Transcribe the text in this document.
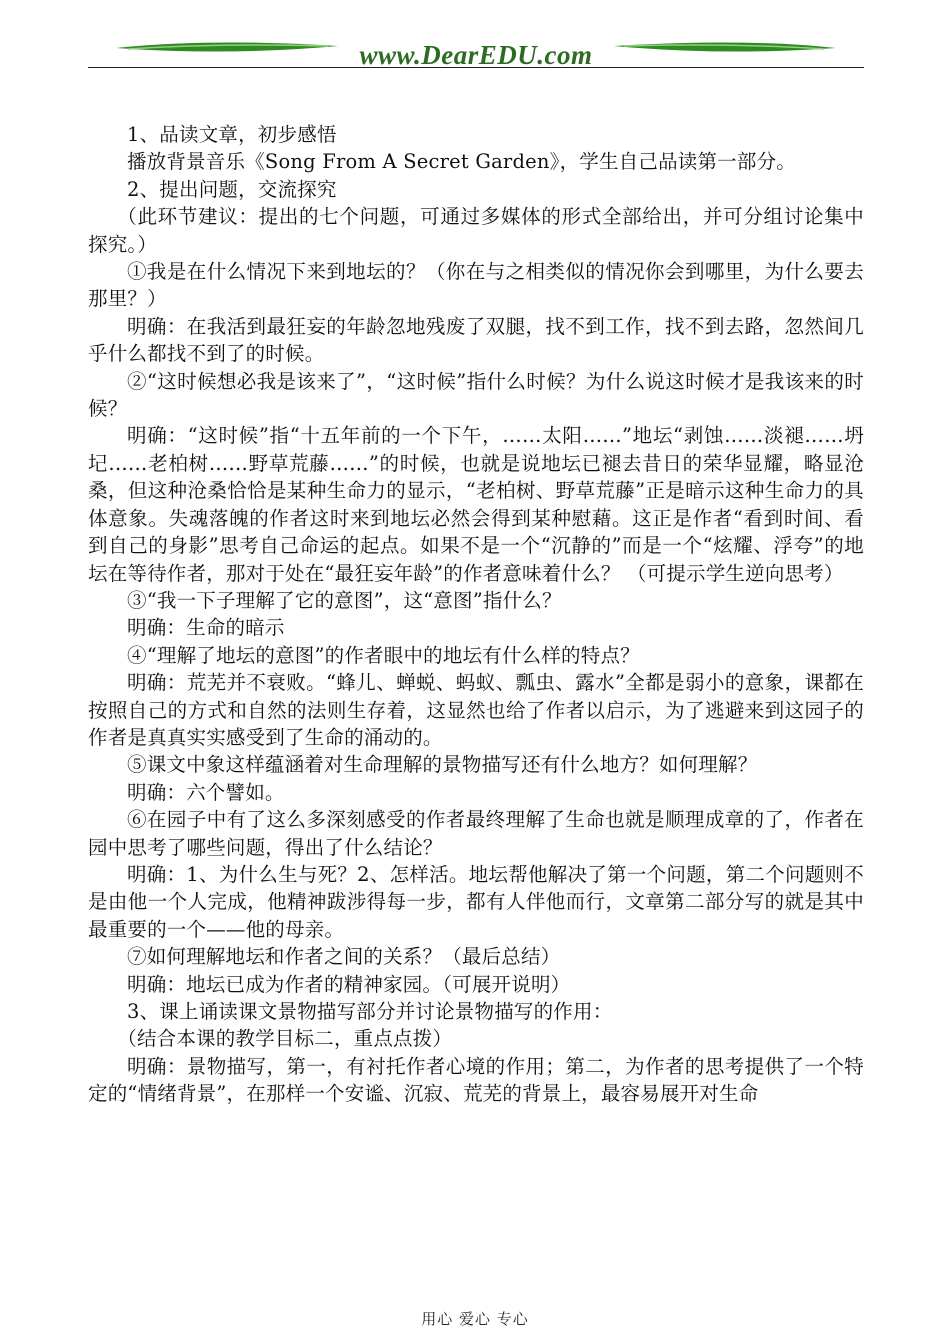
www.DearEDU.com

1、品读文章，初步感悟

播放背景音乐《Song From A Secret Garden》，学生自己品读第一部分。

2、提出问题，交流探究

（此环节建议：提出的七个问题，可通过多媒体的形式全部给出，并可分组讨论集中探究。）

①我是在什么情况下来到地坛的？（你在与之相类似的情况你会到哪里，为什么要去那里？）

明确：在我活到最狂妄的年龄忽地残废了双腿，找不到工作，找不到去路，忽然间几乎什么都找不到了的时候。

②“这时候想必我是该来了”，“这时候”指什么时候？为什么说这时候才是我该来的时候？

明确：“这时候”指“十五年前的一个下午，……太阳……”地坛“剥蚀……淡褪……坍圮……老柏树……野草荒藤……”的时候，也就是说地坛已褪去昔日的荣华显耀，略显沧桑，但这种沧桑恰恰是某种生命力的显示，“老柏树、野草荒藤”正是暗示这种生命力的具体意象。失魂落魄的作者这时来到地坛必然会得到某种慰藉。这正是作者“看到时间、看到自己的身影”思考自己命运的起点。如果不是一个“沉静的”而是一个“炫耀、浮夸”的地坛在等待作者，那对于处在“最狂妄年龄”的作者意味着什么？ （可提示学生逆向思考）

③“我一下子理解了它的意图”，这“意图”指什么？

明确：生命的暗示

④“理解了地坛的意图”的作者眼中的地坛有什么样的特点？

明确：荒芜并不衰败。“蜂儿、蝉蜕、蚂蚁、瓢虫、露水”全都是弱小的意象，课都在按照自己的方式和自然的法则生存着，这显然也给了作者以启示，为了逃避来到这园子的作者是真真实实感受到了生命的涌动的。

⑤课文中象这样蕴涵着对生命理解的景物描写还有什么地方？如何理解？

明确：六个譬如。

⑥在园子中有了这么多深刻感受的作者最终理解了生命也就是顺理成章的了，作者在园中思考了哪些问题，得出了什么结论？

明确：1、为什么生与死？2、怎样活。地坛帮他解决了第一个问题，第二个问题则不是由他一个人完成，他精神跋涉得每一步，都有人伴他而行，文章第二部分写的就是其中最重要的一个——他的母亲。

⑦如何理解地坛和作者之间的关系？（最后总结）

明确：地坛已成为作者的精神家园。（可展开说明）

3、课上诵读课文景物描写部分并讨论景物描写的作用：

（结合本课的教学目标二，重点点拨）

明确：景物描写，第一，有衬托作者心境的作用；第二，为作者的思考提供了一个特定的“情绪背景”，在那样一个安谧、沉寂、荒芜的背景上，最容易展开对生命

用心 爱心 专心
